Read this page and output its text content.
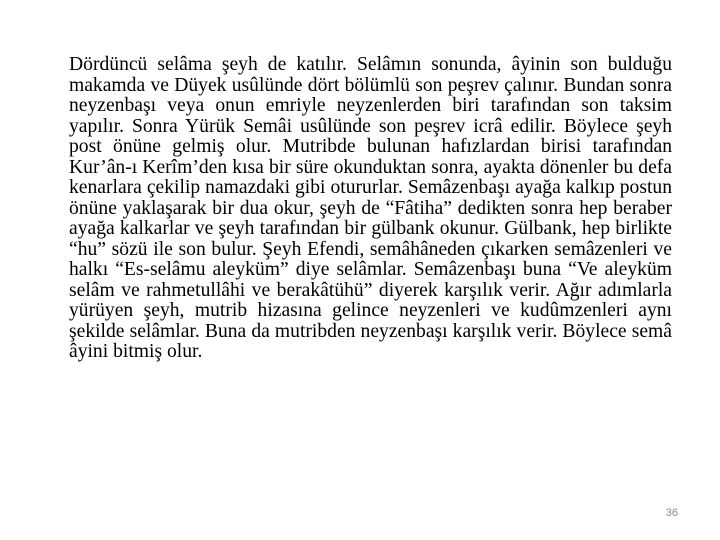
Dördüncü selâma şeyh de katılır. Selâmın sonunda, âyinin son bulduğu makamda ve Düyek usûlünde dört bölümlü son peşrev çalınır. Bundan sonra neyzenbaşı veya onun emriyle neyzenlerden biri tarafından son taksim yapılır. Sonra Yürük Semâi usûlünde son peşrev icrâ edilir. Böylece şeyh post önüne gelmiş olur. Mutribde bulunan hafızlardan birisi tarafından Kur’ân-ı Kerîm’den kısa bir süre okunduktan sonra, ayakta dönenler bu defa kenarlara çekilip namazdaki gibi otururlar. Semâzenbaşı ayağa kalkıp postun önüne yaklaşarak bir dua okur, şeyh de “Fâtiha” dedikten sonra hep beraber ayağa kalkarlar ve şeyh tarafından bir gülbank okunur. Gülbank, hep birlikte “hu” sözü ile son bulur. Şeyh Efendi, semâhâneden çıkarken semâzenleri ve halkı “Es-selâmu aleyküm” diye selâmlar. Semâzenbaşı buna “Ve aleyküm selâm ve rahmetullâhi ve berakâtühü” diyerek karşılık verir. Ağır adımlarla yürüyen şeyh, mutrib hizasına gelince neyzenleri ve kudûmzenleri aynı şekilde selâmlar. Buna da mutribden neyzenbaşı karşılık verir. Böylece semâ âyini bitmiş olur.

36
